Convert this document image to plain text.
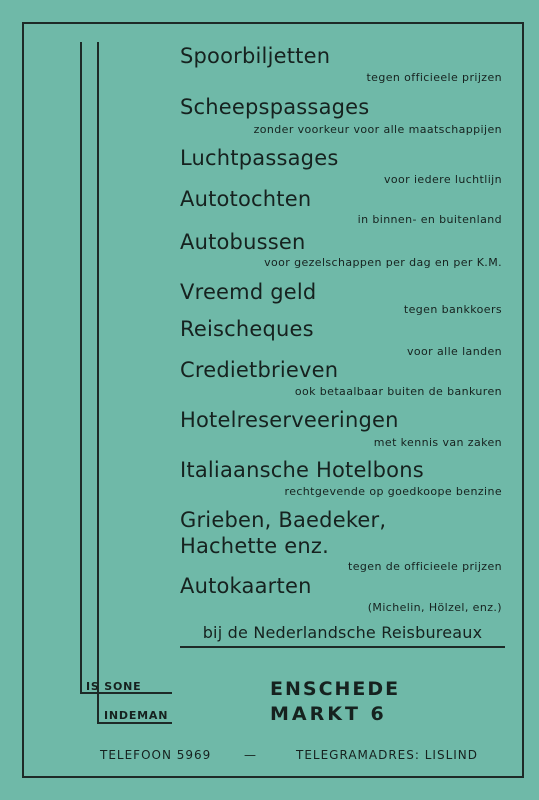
Spoorbiljetten
tegen officieele prijzen
Scheepspassages
zonder voorkeur voor alle maatschappijen
Luchtpassages
voor iedere luchtlijn
Autotochten
in binnen- en buitenland
Autobussen
voor gezelschappen per dag en per K.M.
Vreemd geld
tegen bankkoers
Reischeques
voor alle landen
Credietbrieven
ook betaalbaar buiten de bankuren
Hotelreserveeringen
met kennis van zaken
Italiaansche Hotelbons
rechtgevende op goedkoope benzine
Grieben, Baedeker,
Hachette enz.
tegen de officieele prijzen
Autokaarten
(Michelin, Hölzel, enz.)
bij de Nederlandsche Reisbureaux
IS SONE
INDEMAN
ENSCHEDE
MARKT 6
TELEFOON 5969	—	TELEGRAMADRES: LISLIND
